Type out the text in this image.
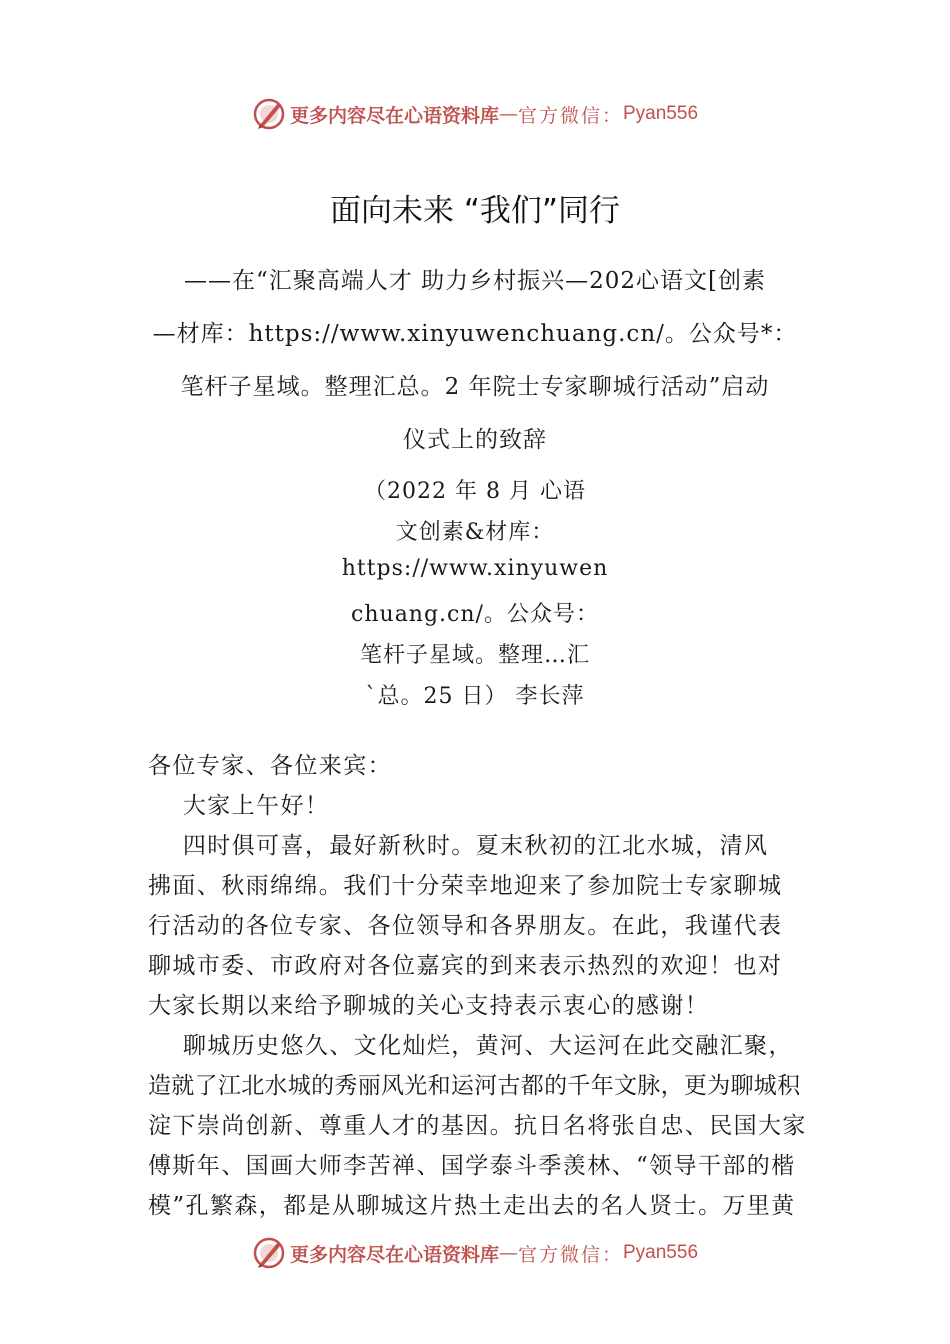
更多内容尽在心语资料库 — 官方微信： Pyan556
面向未来 “我们”同行
——在“汇聚高端人才 助力乡村振兴—202心语文[创素
—材库：https://www.xinyuwenchuang.cn/。公众号*：
笔杆子星域。整理汇总。2 年院士专家聊城行活动”启动
仪式上的致辞
（2022 年 8 月 心语
文创素&材库：
https://www.xinyuwen
chuang.cn/。公众号：
笔杆子星域。整理…汇
`总。25 日） 李长萍
各位专家、各位来宾：
大家上午好！
四时俱可喜，最好新秋时。夏末秋初的江北水城，清风
拂面、秋雨绵绵。我们十分荣幸地迎来了参加院士专家聊城
行活动的各位专家、各位领导和各界朋友。在此，我谨代表
聊城市委、市政府对各位嘉宾的到来表示热烈的欢迎！也对
大家长期以来给予聊城的关心支持表示衷心的感谢！
聊城历史悠久、文化灿烂，黄河、大运河在此交融汇聚，
造就了江北水城的秀丽风光和运河古都的千年文脉，更为聊城积
淀下崇尚创新、尊重人才的基因。抗日名将张自忠、民国大家
傅斯年、国画大师李苦禅、国学泰斗季羡林、“领导干部的楷
模”孔繁森，都是从聊城这片热土走出去的名人贤士。万里黄
更多内容尽在心语资料库 — 官方微信： Pyan556
